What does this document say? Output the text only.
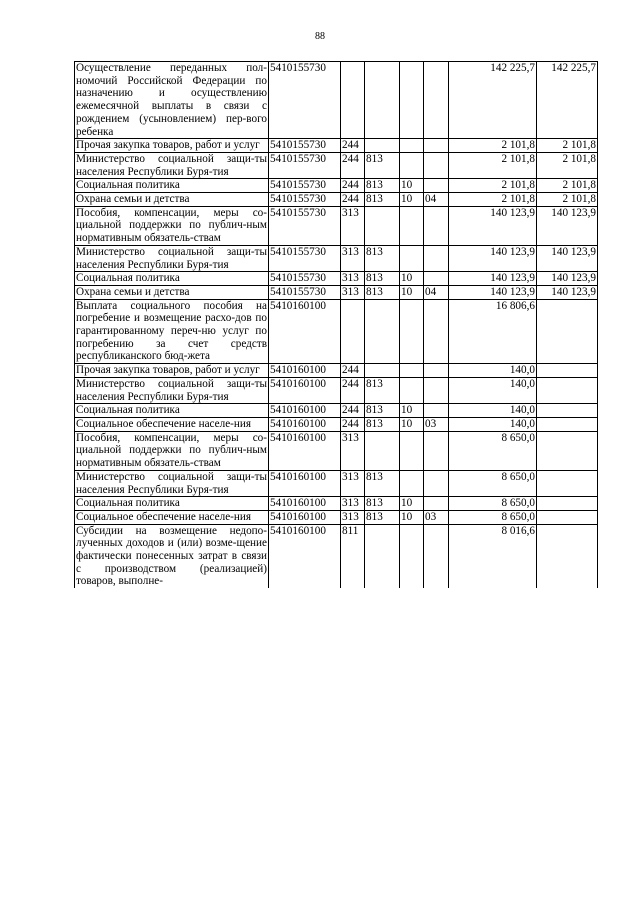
88
Осуществление переданных пол-номочий Российской Федерации по назначению и осуществлению ежемесячной выплаты в связи с рождением (усыновлением) пер-вого ребенка	5410155730					142 225,7	142 225,7
Прочая закупка товаров, работ и услуг	5410155730	244				2 101,8	2 101,8
Министерство социальной защи-ты населения Республики Буря-тия	5410155730	244	813			2 101,8	2 101,8
Социальная политика	5410155730	244	813	10		2 101,8	2 101,8
Охрана семьи и детства	5410155730	244	813	10	04	2 101,8	2 101,8
Пособия, компенсации, меры со-циальной поддержки по публич-ным нормативным обязатель-ствам	5410155730	313				140 123,9	140 123,9
Министерство социальной защи-ты населения Республики Буря-тия	5410155730	313	813			140 123,9	140 123,9
Социальная политика	5410155730	313	813	10		140 123,9	140 123,9
Охрана семьи и детства	5410155730	313	813	10	04	140 123,9	140 123,9
Выплата социального пособия на погребение и возмещение расхо-дов по гарантированному переч-ню услуг по погребению за счет средств республиканского бюд-жета	5410160100					16 806,6	
Прочая закупка товаров, работ и услуг	5410160100	244				140,0	
Министерство социальной защи-ты населения Республики Буря-тия	5410160100	244	813			140,0	
Социальная политика	5410160100	244	813	10		140,0	
Социальное обеспечение населе-ния	5410160100	244	813	10	03	140,0	
Пособия, компенсации, меры со-циальной поддержки по публич-ным нормативным обязатель-ствам	5410160100	313				8 650,0	
Министерство социальной защи-ты населения Республики Буря-тия	5410160100	313	813			8 650,0	
Социальная политика	5410160100	313	813	10		8 650,0	
Социальное обеспечение населе-ния	5410160100	313	813	10	03	8 650,0	

Субсидии на возмещение недопо-лученных доходов и (или) возме-щение фактически понесенных затрат в связи с производством (реализацией) товаров, выполне-	5410160100	811				8 016,6	
